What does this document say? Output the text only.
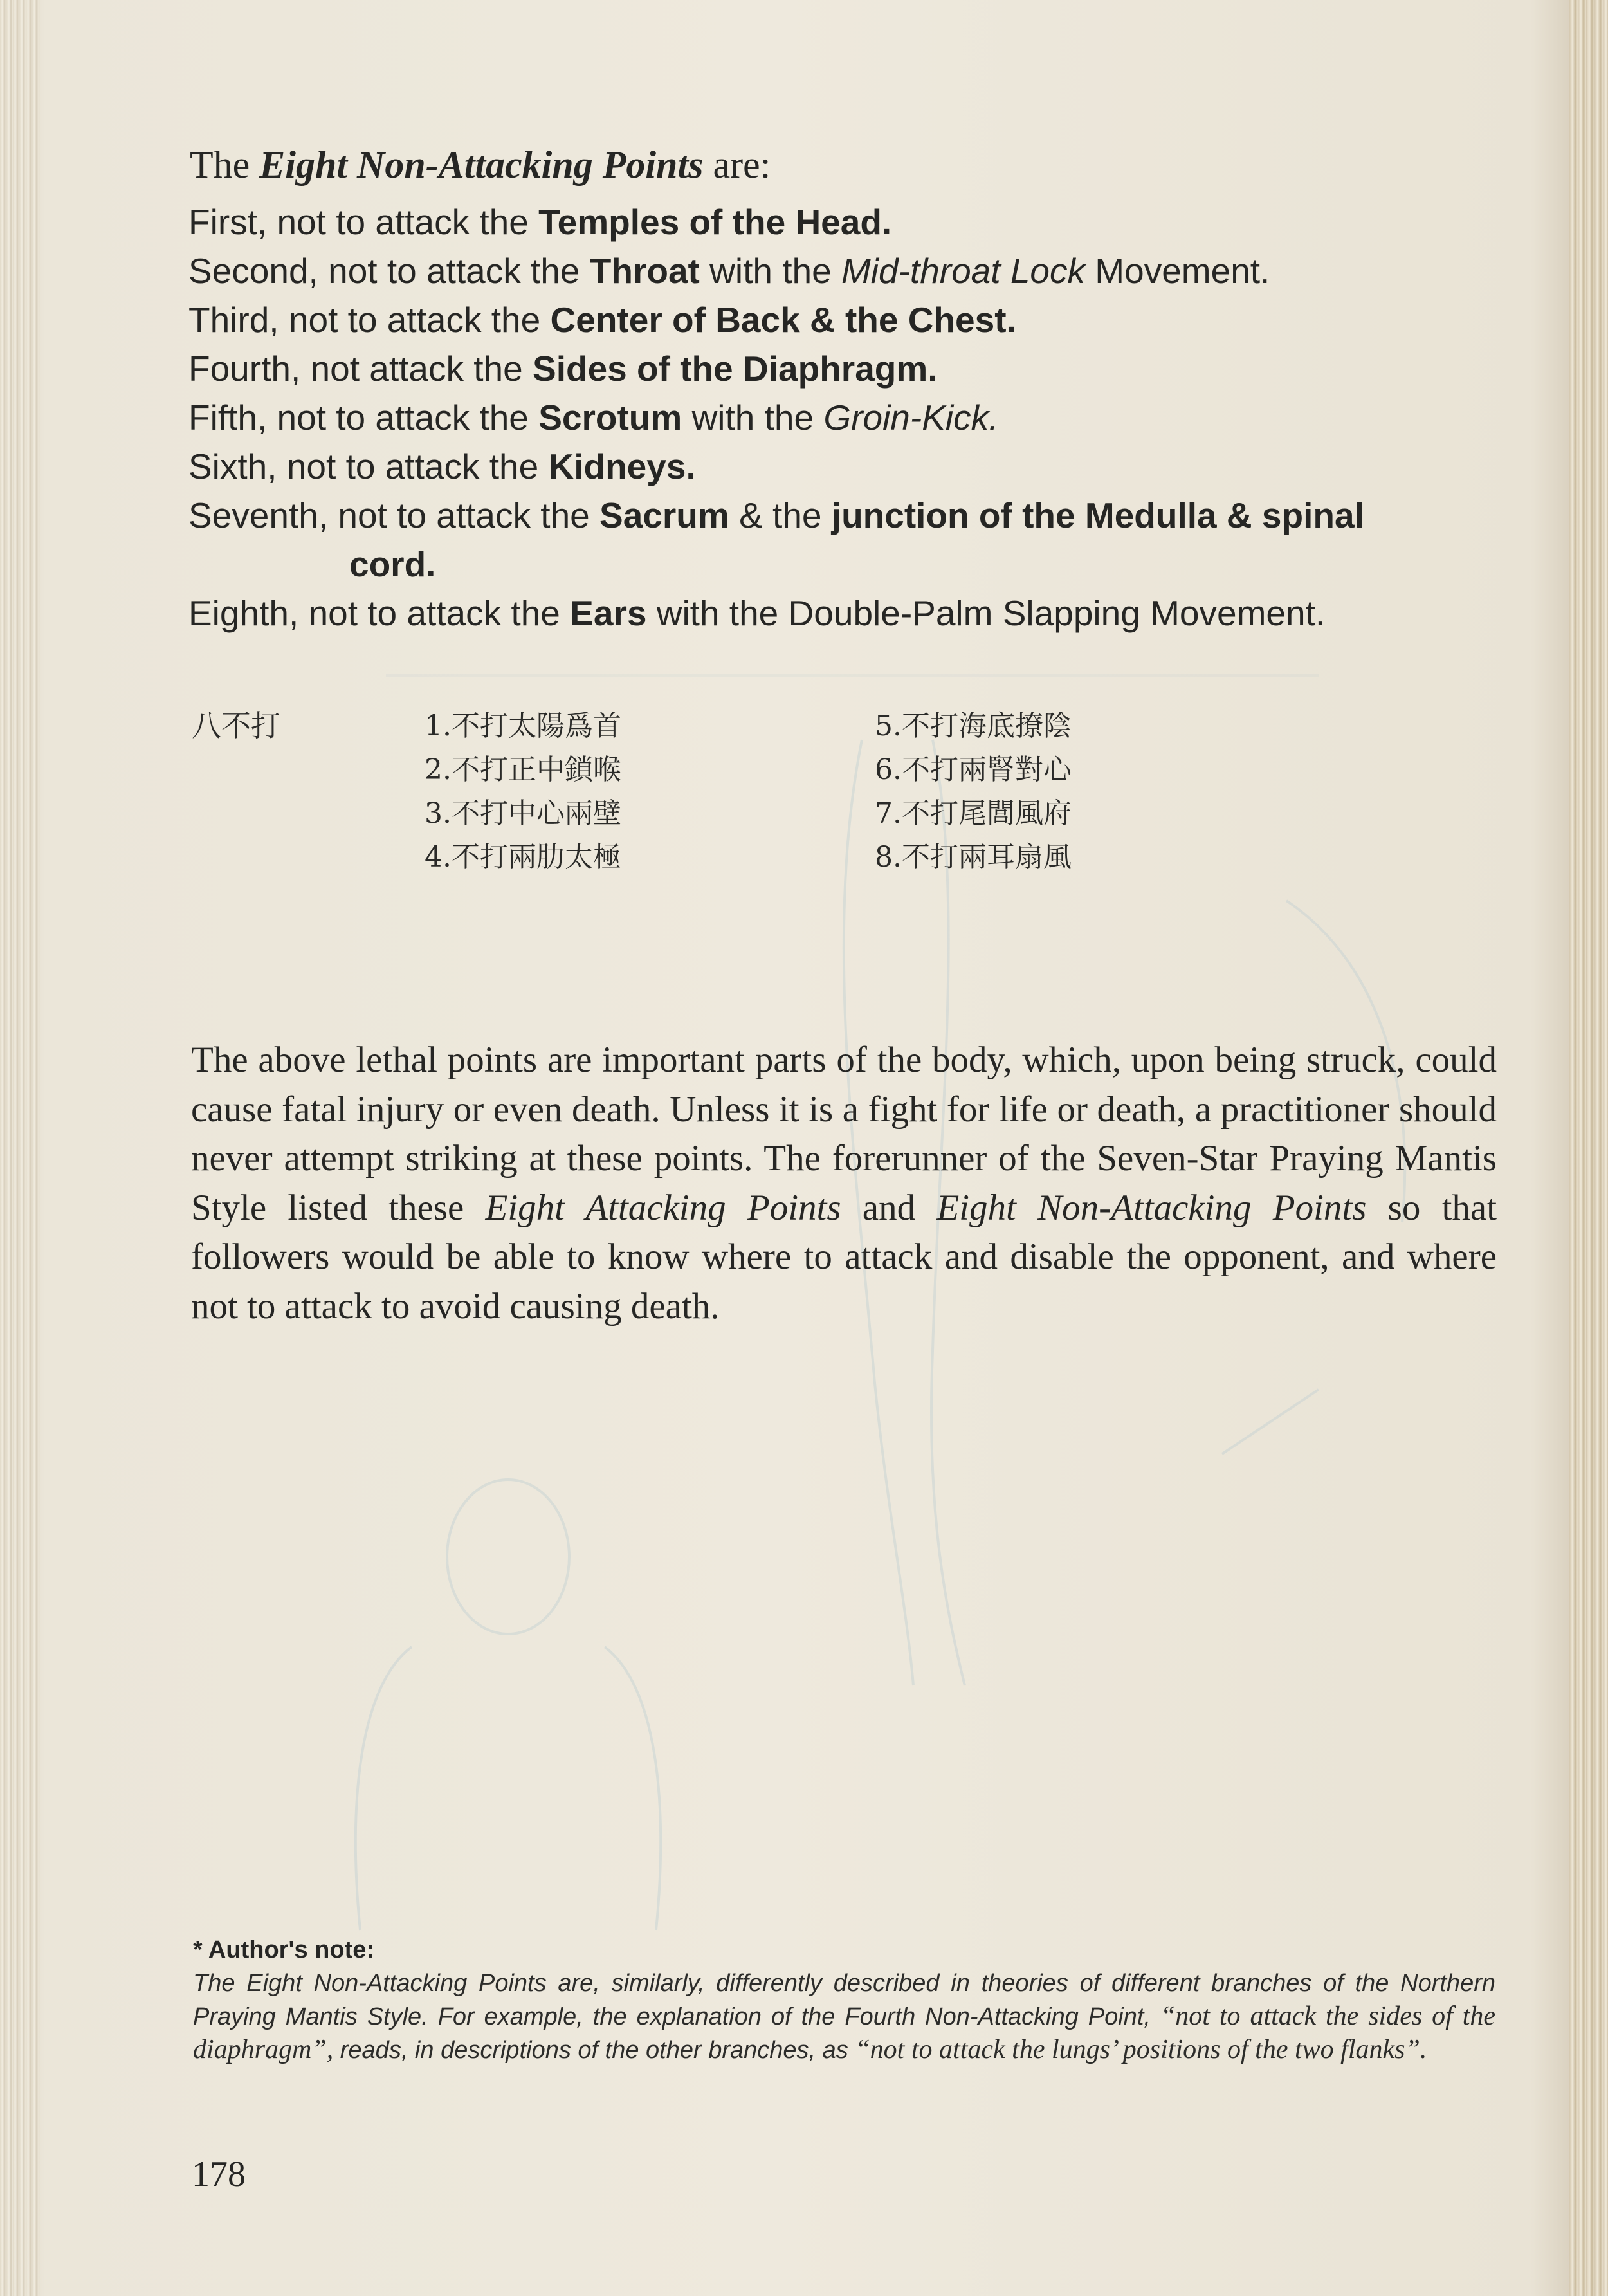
The Eight Non-Attacking Points are:
First, not to attack the Temples of the Head.
Second, not to attack the Throat with the Mid-throat Lock Movement.
Third, not to attack the Center of Back & the Chest.
Fourth, not attack the Sides of the Diaphragm.
Fifth, not to attack the Scrotum with the Groin-Kick.
Sixth, not to attack the Kidneys.
Seventh, not to attack the Sacrum & the junction of the Medulla & spinal
cord.
Eighth, not to attack the Ears with the Double-Palm Slapping Movement.
八不打	1.不打太陽爲首
2.不打正中鎖喉
3.不打中心兩壁
4.不打兩肋太極
5.不打海底撩陰
6.不打兩腎對心
7.不打尾閭風府
8.不打兩耳扇風
The above lethal points are important parts of the body, which, upon being struck, could cause fatal injury or even death. Unless it is a fight for life or death, a practitioner should never attempt striking at these points. The forerunner of the Seven-Star Praying Mantis Style listed these Eight Attacking Points and Eight Non-Attacking Points so that followers would be able to know where to attack and disable the opponent, and where not to attack to avoid causing death.
* Author's note:
The Eight Non-Attacking Points are, similarly, differently described in theories of different branches of the Northern Praying Mantis Style. For example, the explanation of the Fourth Non-Attacking Point, “not to attack the sides of the diaphragm”, reads, in descriptions of the other branches, as “not to attack the lungs’ positions of the two flanks”.
178
